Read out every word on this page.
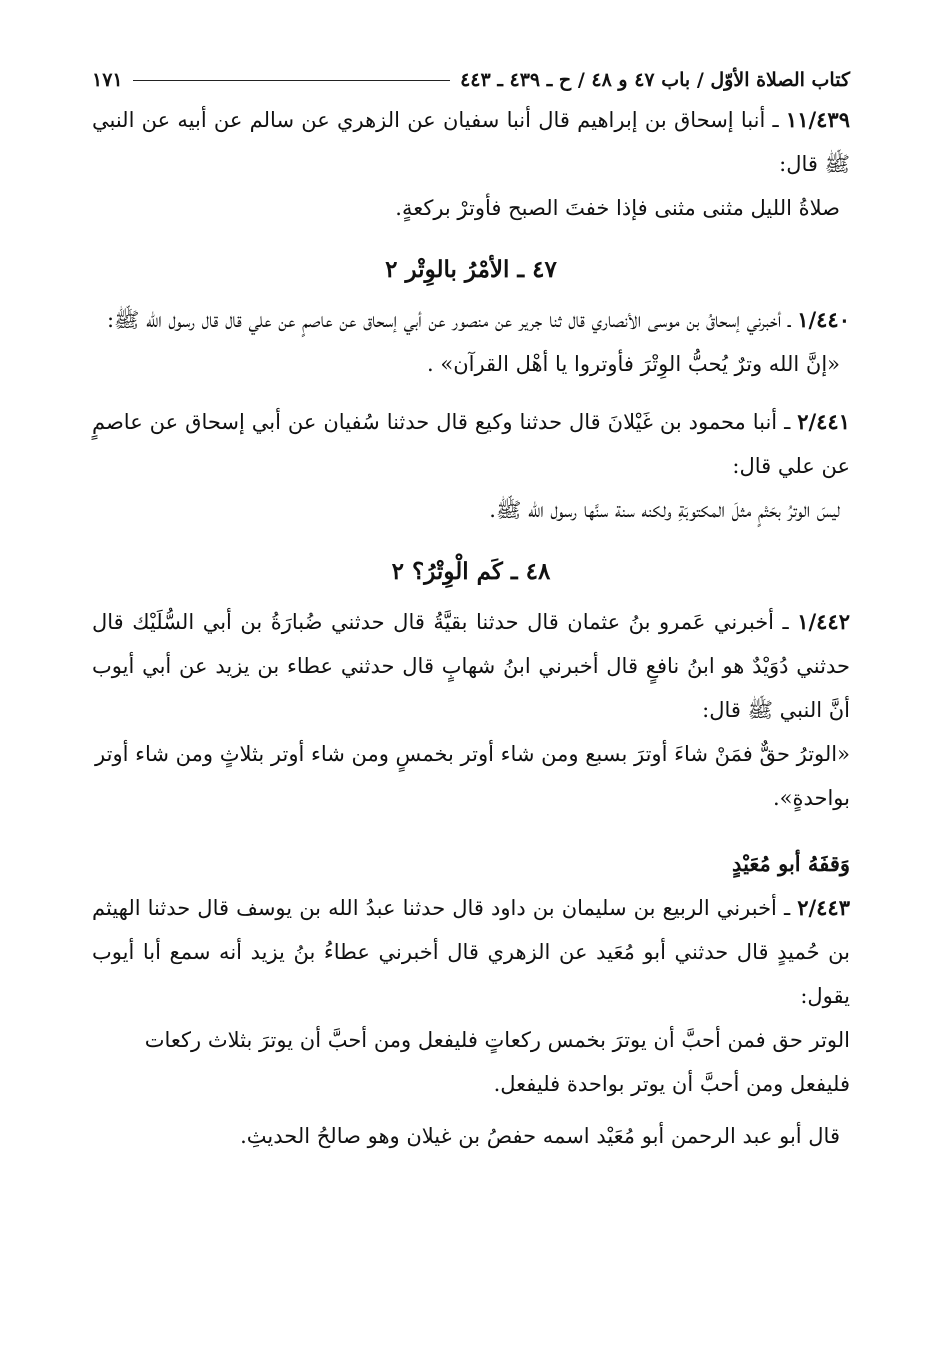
كتاب الصلاة الأوّل / باب ٤٧ و ٤٨ / ح ـ ٤٣٩ ـ ٤٤٣
١٧١
١١/٤٣٩ ـ أنبا إسحاق بن إبراهيم قال أنبا سفيان عن الزهري عن سالم عن أبيه عن النبي ﷺ قال:
صلاةُ الليل مثنى مثنى فإذا خفتَ الصبح فأوترْ بركعةٍ.
٤٧ ـ الأمْرُ بالوِتْر ٢
١/٤٤٠ ـ أخبرني إسحاقُ بن موسى الأنصاري قال ثنا جرير عن منصور عن أبي إسحاق عن عاصمٍ عن علي قال قال رسول الله ﷺ:
«إنَّ الله وترٌ يُحبُّ الوِتْرَ فأوتروا يا أهْل القرآن» .
٢/٤٤١ ـ أنبا محمود بن غَيْلانَ قال حدثنا وكيع قال حدثنا سُفيان عن أبي إسحاق عن عاصمٍ عن علي قال:
ليسَ الوترُ بحَتْمٍ مثلَ المكتوبَةِ ولكنه سنة سنَّها رسول الله ﷺ.
٤٨ ـ كَم الْوِتْرُ؟ ٢
١/٤٤٢ ـ أخبرني عَمرو بنُ عثمان قال حدثنا بقيَّةُ قال حدثني ضُبارَةُ بن أبي السُّلَيْك قال حدثني دُوَيْدٌ هو ابنُ نافعٍ قال أخبرني ابنُ شهابٍ قال حدثني عطاء بن يزيد عن أبي أيوب أنَّ النبي ﷺ قال:
«الوترُ حقٌّ فمَنْ شاءَ أوترَ بسبع ومن شاء أوتر بخمسٍ ومن شاء أوتر بثلاثٍ ومن شاء أوتر بواحدةٍ».
وَقفَهُ أبو مُعَيْدٍ
٢/٤٤٣ ـ أخبرني الربيع بن سليمان بن داود قال حدثنا عبدُ الله بن يوسف قال حدثنا الهيثم بن حُميدٍ قال حدثني أبو مُعَيد عن الزهري قال أخبرني عطاءُ بنُ يزيد أنه سمع أبا أيوب يقول:
الوتر حق فمن أحبَّ أن يوترَ بخمس ركعاتٍ فليفعل ومن أحبَّ أن يوترَ بثلاث ركعات فليفعل ومن أحبَّ أن يوتر بواحدة فليفعل.
قال أبو عبد الرحمن أبو مُعَيْد اسمه حفصُ بن غيلان وهو صالحُ الحديثِ.
